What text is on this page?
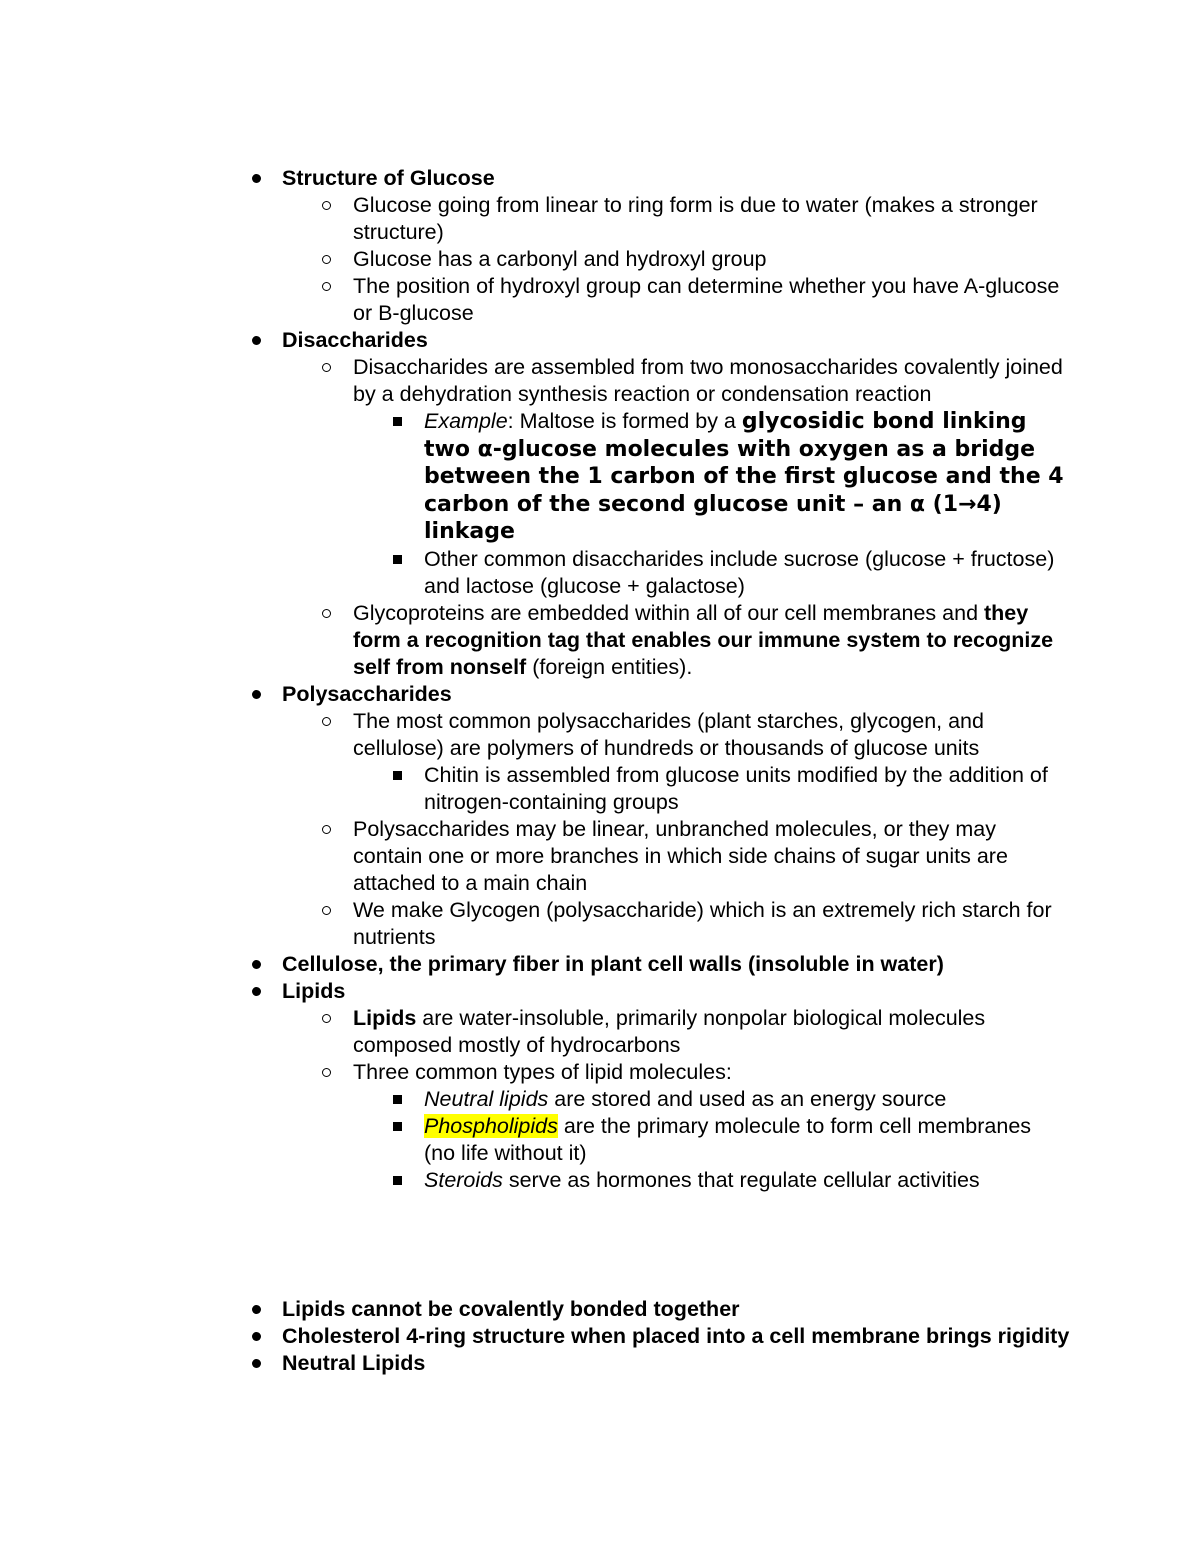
Structure of Glucose
Glucose going from linear to ring form is due to water (makes a stronger structure)
Glucose has a carbonyl and hydroxyl group
The position of hydroxyl group can determine whether you have A-glucose or B-glucose
Disaccharides
Disaccharides are assembled from two monosaccharides covalently joined by a dehydration synthesis reaction or condensation reaction
Example: Maltose is formed by a glycosidic bond linking two α-glucose molecules with oxygen as a bridge between the 1 carbon of the first glucose and the 4 carbon of the second glucose unit – an α (1→4) linkage
Other common disaccharides include sucrose (glucose + fructose) and lactose (glucose + galactose)
Glycoproteins are embedded within all of our cell membranes and they form a recognition tag that enables our immune system to recognize self from nonself (foreign entities).
Polysaccharides
The most common polysaccharides (plant starches, glycogen, and cellulose) are polymers of hundreds or thousands of glucose units
Chitin is assembled from glucose units modified by the addition of nitrogen-containing groups
Polysaccharides may be linear, unbranched molecules, or they may contain one or more branches in which side chains of sugar units are attached to a main chain
We make Glycogen (polysaccharide) which is an extremely rich starch for nutrients
Cellulose, the primary fiber in plant cell walls (insoluble in water)
Lipids
Lipids are water-insoluble, primarily nonpolar biological molecules composed mostly of hydrocarbons
Three common types of lipid molecules:
Neutral lipids are stored and used as an energy source
Phospholipids are the primary molecule to form cell membranes (no life without it)
Steroids serve as hormones that regulate cellular activities
Lipids cannot be covalently bonded together
Cholesterol 4-ring structure when placed into a cell membrane brings rigidity
Neutral Lipids
